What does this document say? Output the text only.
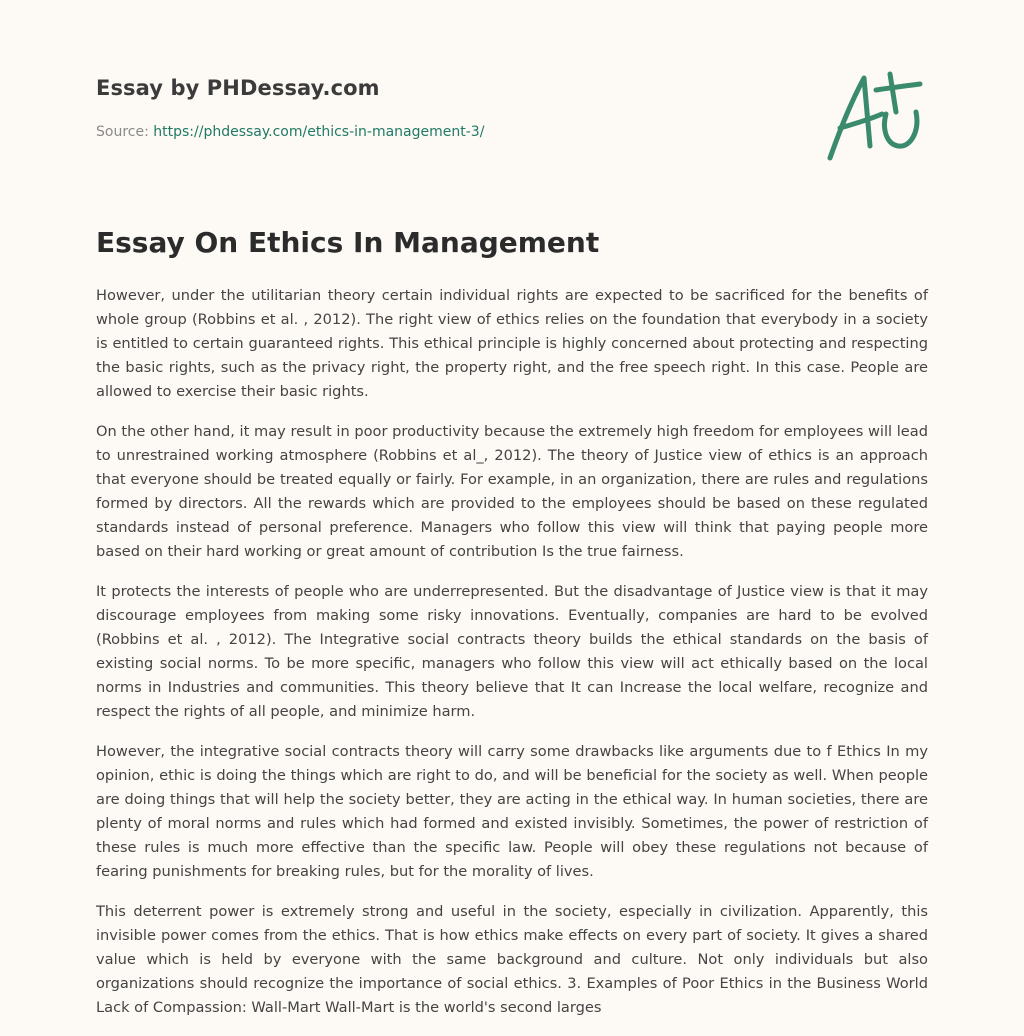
Essay by PHDessay.com
Source: https://phdessay.com/ethics-in-management-3/
Essay On Ethics In Management

However, under the utilitarian theory certain individual rights are expected to be sacrificed for the benefits of whole group (Robbins et al. , 2012). The right view of ethics relies on the foundation that everybody in a society is entitled to certain guaranteed rights. This ethical principle is highly concerned about protecting and respecting the basic rights, such as the privacy right, the property right, and the free speech right. In this case. People are allowed to exercise their basic rights.

On the other hand, it may result in poor productivity because the extremely high freedom for employees will lead to unrestrained working atmosphere (Robbins et al_, 2012). The theory of Justice view of ethics is an approach that everyone should be treated equally or fairly. For example, in an organization, there are rules and regulations formed by directors. All the rewards which are provided to the employees should be based on these regulated standards instead of personal preference. Managers who follow this view will think that paying people more based on their hard working or great amount of contribution Is the true fairness.

It protects the interests of people who are underrepresented. But the disadvantage of Justice view is that it may discourage employees from making some risky innovations. Eventually, companies are hard to be evolved (Robbins et al. , 2012). The Integrative social contracts theory builds the ethical standards on the basis of existing social norms. To be more specific, managers who follow this view will act ethically based on the local norms in Industries and communities. This theory believe that It can Increase the local welfare, recognize and respect the rights of all people, and minimize harm.

However, the integrative social contracts theory will carry some drawbacks like arguments due to f Ethics In my opinion, ethic is doing the things which are right to do, and will be beneficial for the society as well. When people are doing things that will help the society better, they are acting in the ethical way. In human societies, there are plenty of moral norms and rules which had formed and existed invisibly. Sometimes, the power of restriction of these rules is much more effective than the specific law. People will obey these regulations not because of fearing punishments for breaking rules, but for the morality of lives.

This deterrent power is extremely strong and useful in the society, especially in civilization. Apparently, this invisible power comes from the ethics. That is how ethics make effects on every part of society. It gives a shared value which is held by everyone with the same background and culture. Not only individuals but also organizations should recognize the importance of social ethics. 3. Examples of Poor Ethics in the Business World Lack of Compassion: Wall-Mart Wall-Mart is the world's second larges
